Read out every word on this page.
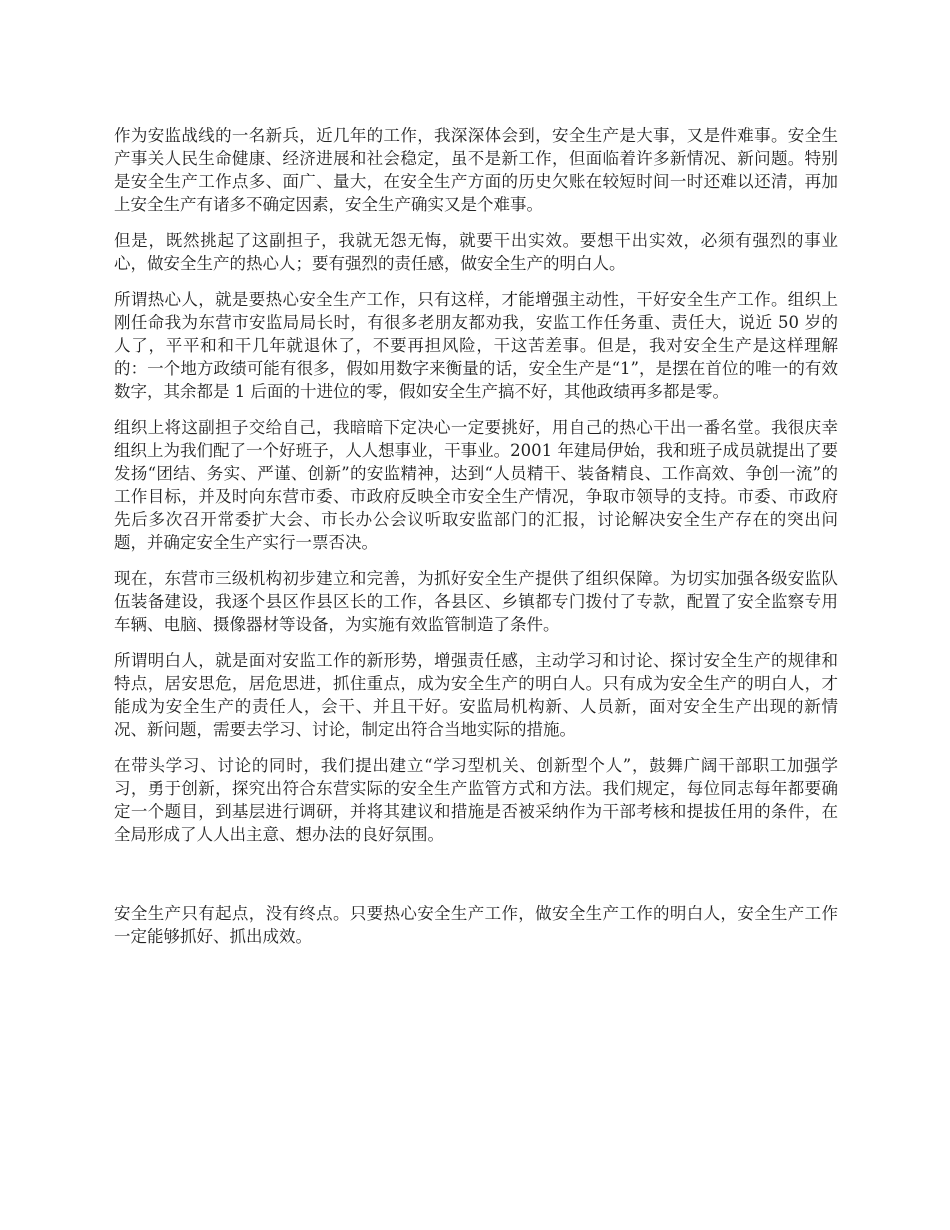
作为安监战线的一名新兵，近几年的工作，我深深体会到，安全生产是大事，又是件难事。安全生产事关人民生命健康、经济进展和社会稳定，虽不是新工作，但面临着许多新情况、新问题。特别是安全生产工作点多、面广、量大，在安全生产方面的历史欠账在较短时间一时还难以还清，再加上安全生产有诸多不确定因素，安全生产确实又是个难事。

但是，既然挑起了这副担子，我就无怨无悔，就要干出实效。要想干出实效，必须有强烈的事业心，做安全生产的热心人；要有强烈的责任感，做安全生产的明白人。

所谓热心人，就是要热心安全生产工作，只有这样，才能增强主动性，干好安全生产工作。组织上刚任命我为东营市安监局局长时，有很多老朋友都劝我，安监工作任务重、责任大，说近 50 岁的人了，平平和和干几年就退休了，不要再担风险，干这苦差事。但是，我对安全生产是这样理解的：一个地方政绩可能有很多，假如用数字来衡量的话，安全生产是“1”，是摆在首位的唯一的有效数字，其余都是 1 后面的十进位的零，假如安全生产搞不好，其他政绩再多都是零。

组织上将这副担子交给自己，我暗暗下定决心一定要挑好，用自己的热心干出一番名堂。我很庆幸组织上为我们配了一个好班子，人人想事业，干事业。2001 年建局伊始，我和班子成员就提出了要发扬“团结、务实、严谨、创新”的安监精神，达到“人员精干、装备精良、工作高效、争创一流”的工作目标，并及时向东营市委、市政府反映全市安全生产情况，争取市领导的支持。市委、市政府先后多次召开常委扩大会、市长办公会议听取安监部门的汇报，讨论解决安全生产存在的突出问题，并确定安全生产实行一票否决。

现在，东营市三级机构初步建立和完善，为抓好安全生产提供了组织保障。为切实加强各级安监队伍装备建设，我逐个县区作县区长的工作，各县区、乡镇都专门拨付了专款，配置了安全监察专用车辆、电脑、摄像器材等设备，为实施有效监管制造了条件。

所谓明白人，就是面对安监工作的新形势，增强责任感，主动学习和讨论、探讨安全生产的规律和特点，居安思危，居危思进，抓住重点，成为安全生产的明白人。只有成为安全生产的明白人，才能成为安全生产的责任人，会干、并且干好。安监局机构新、人员新，面对安全生产出现的新情况、新问题，需要去学习、讨论，制定出符合当地实际的措施。

在带头学习、讨论的同时，我们提出建立“学习型机关、创新型个人”，鼓舞广阔干部职工加强学习，勇于创新，探究出符合东营实际的安全生产监管方式和方法。我们规定，每位同志每年都要确定一个题目，到基层进行调研，并将其建议和措施是否被采纳作为干部考核和提拔任用的条件，在全局形成了人人出主意、想办法的良好氛围。

安全生产只有起点，没有终点。只要热心安全生产工作，做安全生产工作的明白人，安全生产工作一定能够抓好、抓出成效。
